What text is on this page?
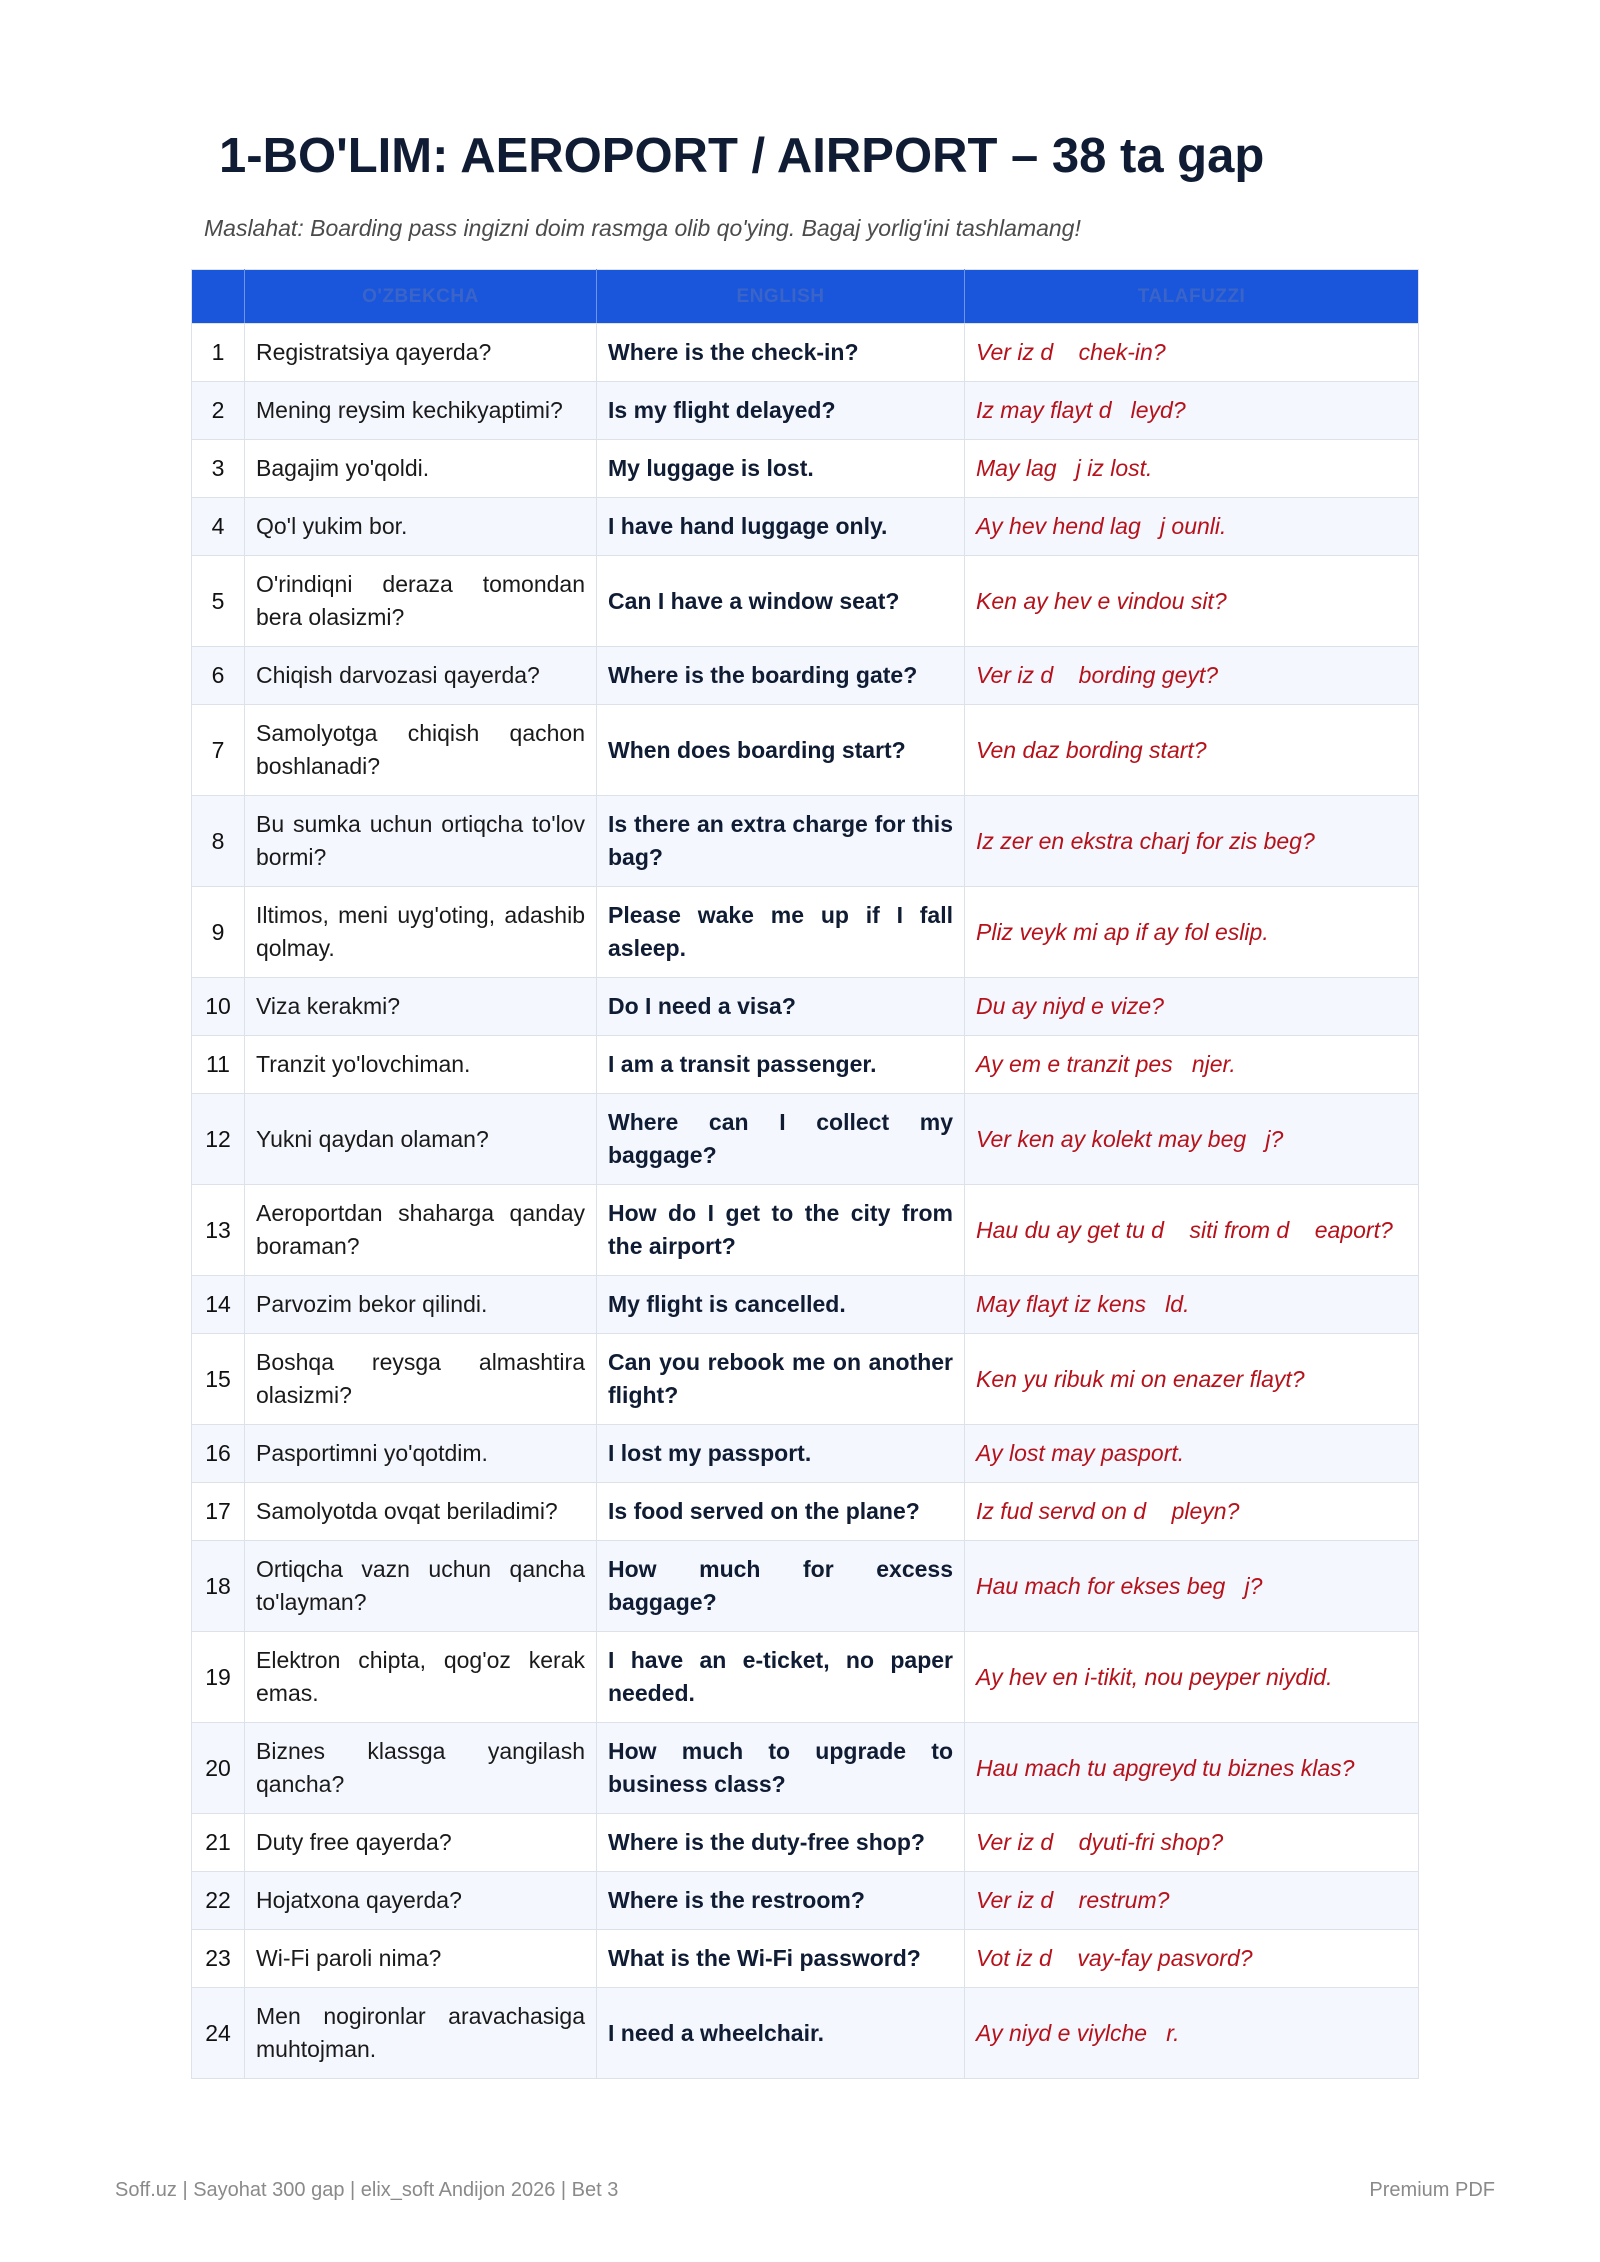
1-BO'LIM: AEROPORT / AIRPORT – 38 ta gap
Maslahat: Boarding pass ingizni doim rasmga olib qo'ying. Bagaj yorlig'ini tashlamang!
	O'ZBEKCHA	ENGLISH	TALAFUZZI
1	Registratsiya qayerda?	Where is the check-in?	Ver iz d    chek-in?
2	Mening reysim kechikyaptimi?	Is my flight delayed?	Iz may flayt d   leyd?
3	Bagajim yo'qoldi.	My luggage is lost.	May lag   j iz lost.
4	Qo'l yukim bor.	I have hand luggage only.	Ay hev hend lag   j ounli.
5	O'rindiqni deraza tomondan bera olasizmi?	Can I have a window seat?	Ken ay hev e vindou sit?
6	Chiqish darvozasi qayerda?	Where is the boarding gate?	Ver iz d    bording geyt?
7	Samolyotga chiqish qachon boshlanadi?	When does boarding start?	Ven daz bording start?
8	Bu sumka uchun ortiqcha to'lov bormi?	Is there an extra charge for this bag?	Iz zer en ekstra charj for zis beg?
9	Iltimos, meni uyg'oting, adashib qolmay.	Please wake me up if I fall asleep.	Pliz veyk mi ap if ay fol eslip.
10	Viza kerakmi?	Do I need a visa?	Du ay niyd e vize?
11	Tranzit yo'lovchiman.	I am a transit passenger.	Ay em e tranzit pes   njer.
12	Yukni qaydan olaman?	Where can I collect my baggage?	Ver ken ay kolekt may beg   j?
13	Aeroportdan shaharga qanday boraman?	How do I get to the city from the airport?	Hau du ay get tu d    siti from d    eaport?
14	Parvozim bekor qilindi.	My flight is cancelled.	May flayt iz kens   ld.
15	Boshqa reysga almashtira olasizmi?	Can you rebook me on another flight?	Ken yu ribuk mi on enazer flayt?
16	Pasportimni yo'qotdim.	I lost my passport.	Ay lost may pasport.
17	Samolyotda ovqat beriladimi?	Is food served on the plane?	Iz fud servd on d    pleyn?
18	Ortiqcha vazn uchun qancha to'layman?	How much for excess baggage?	Hau mach for ekses beg   j?
19	Elektron chipta, qog'oz kerak emas.	I have an e-ticket, no paper needed.	Ay hev en i-tikit, nou peyper niydid.
20	Biznes klassga yangilash qancha?	How much to upgrade to business class?	Hau mach tu apgreyd tu biznes klas?
21	Duty free qayerda?	Where is the duty-free shop?	Ver iz d    dyuti-fri shop?
22	Hojatxona qayerda?	Where is the restroom?	Ver iz d    restrum?
23	Wi-Fi paroli nima?	What is the Wi-Fi password?	Vot iz d    vay-fay pasvord?
24	Men nogironlar aravachasiga muhtojman.	I need a wheelchair.	Ay niyd e viylche   r.
Soff.uz | Sayohat 300 gap | elix_soft Andijon 2026 | Bet 3	Premium PDF
